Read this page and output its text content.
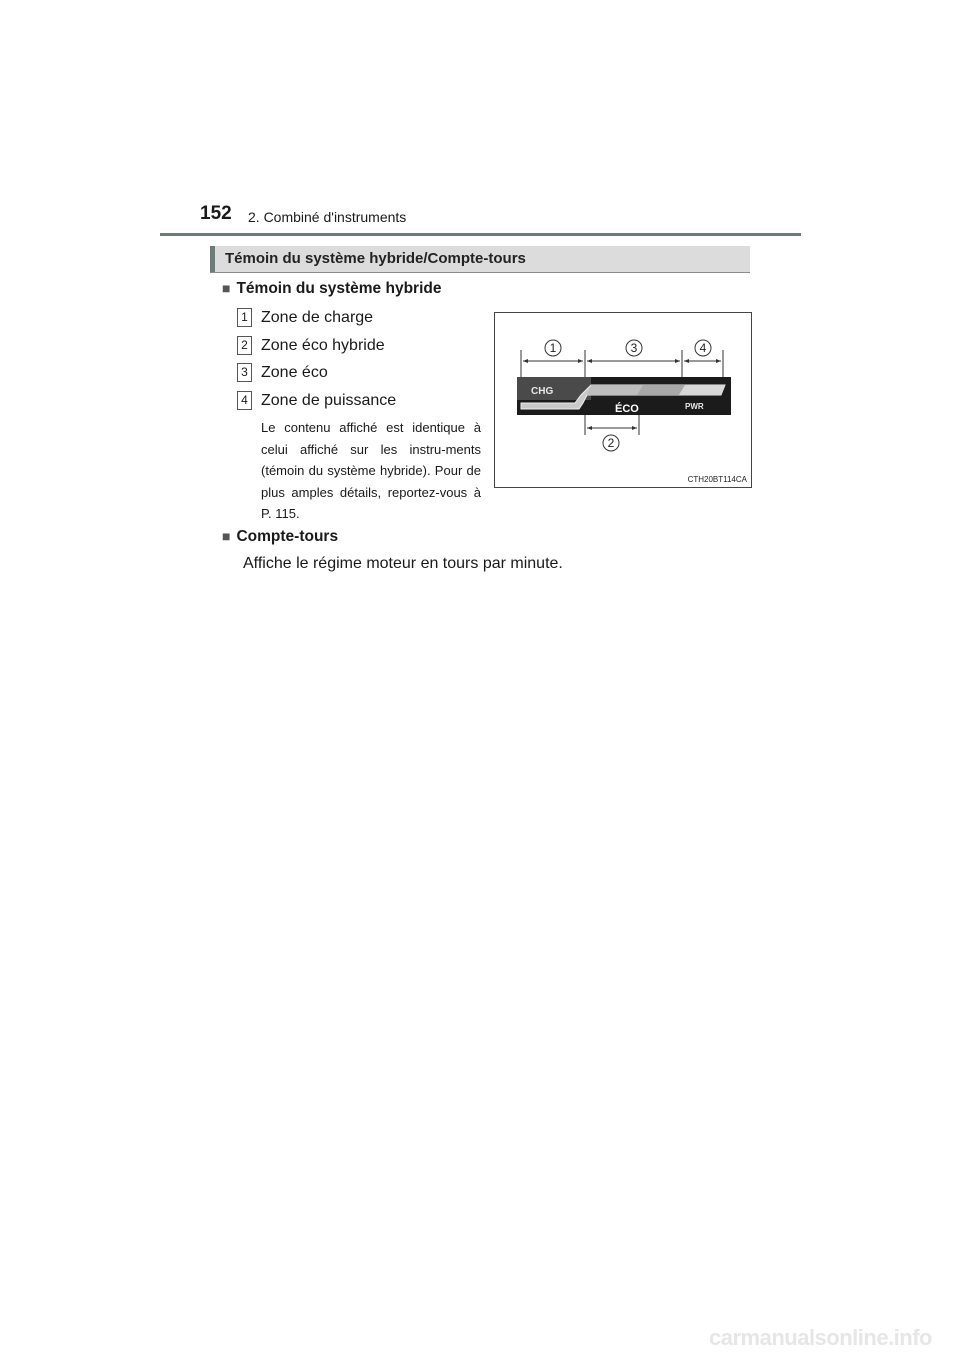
152 2. Combiné d'instruments
Témoin du système hybride/Compte-tours
■ Témoin du système hybride
1 Zone de charge
2 Zone éco hybride
3 Zone éco
4 Zone de puissance
Le contenu affiché est identique à celui affiché sur les instru-ments (témoin du système hybride). Pour de plus amples détails, reportez-vous à P. 115.
1	3	4
2
CHG
ÉCO	PWR
CTH20BT114CA
■ Compte-tours
Affiche le régime moteur en tours par minute.
carmanualsonline.info
